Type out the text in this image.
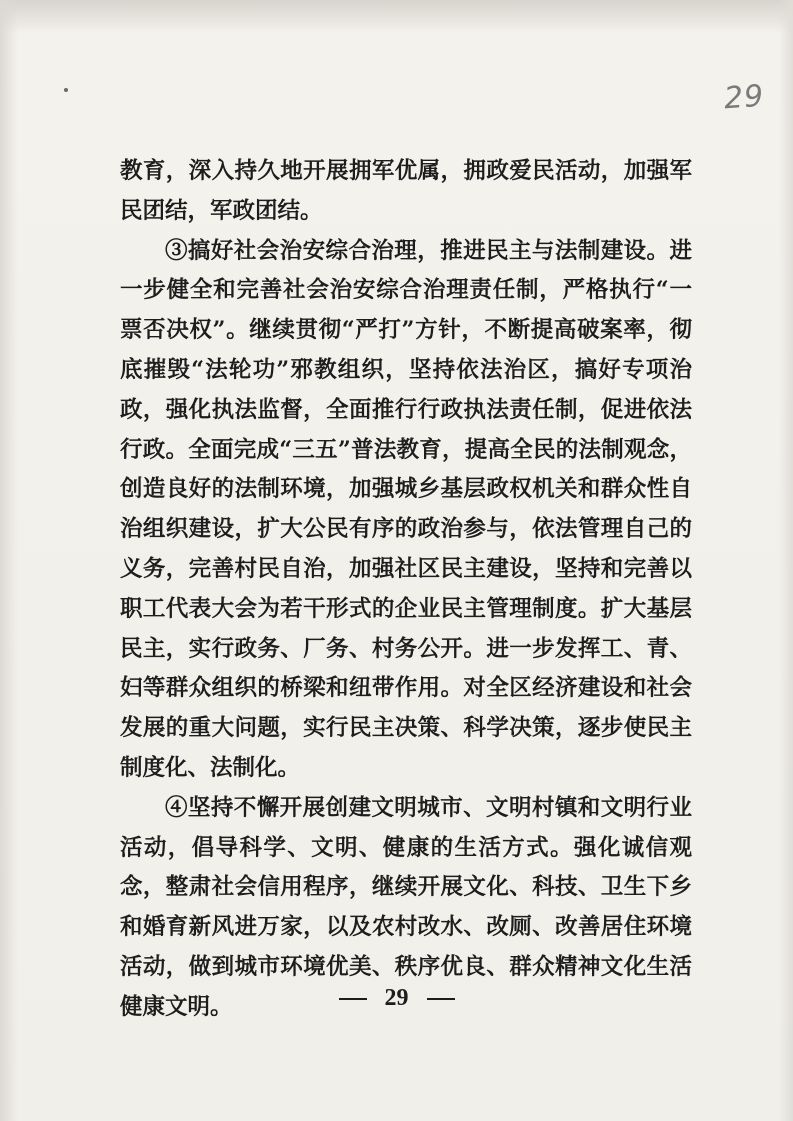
29

教育，深入持久地开展拥军优属，拥政爱民活动，加强军民团结，军政团结。

③搞好社会治安综合治理，推进民主与法制建设。进一步健全和完善社会治安综合治理责任制，严格执行“一票否决权”。继续贯彻“严打”方针，不断提高破案率，彻底摧毁“法轮功”邪教组织，坚持依法治区，搞好专项治政，强化执法监督，全面推行行政执法责任制，促进依法行政。全面完成“三五”普法教育，提高全民的法制观念，创造良好的法制环境，加强城乡基层政权机关和群众性自治组织建设，扩大公民有序的政治参与，依法管理自己的义务，完善村民自治，加强社区民主建设，坚持和完善以职工代表大会为若干形式的企业民主管理制度。扩大基层民主，实行政务、厂务、村务公开。进一步发挥工、青、妇等群众组织的桥梁和纽带作用。对全区经济建设和社会发展的重大问题，实行民主决策、科学决策，逐步使民主制度化、法制化。

④坚持不懈开展创建文明城市、文明村镇和文明行业活动，倡导科学、文明、健康的生活方式。强化诚信观念，整肃社会信用程序，继续开展文化、科技、卫生下乡和婚育新风进万家，以及农村改水、改厕、改善居住环境活动，做到城市环境优美、秩序优良、群众精神文化生活健康文明。	29
